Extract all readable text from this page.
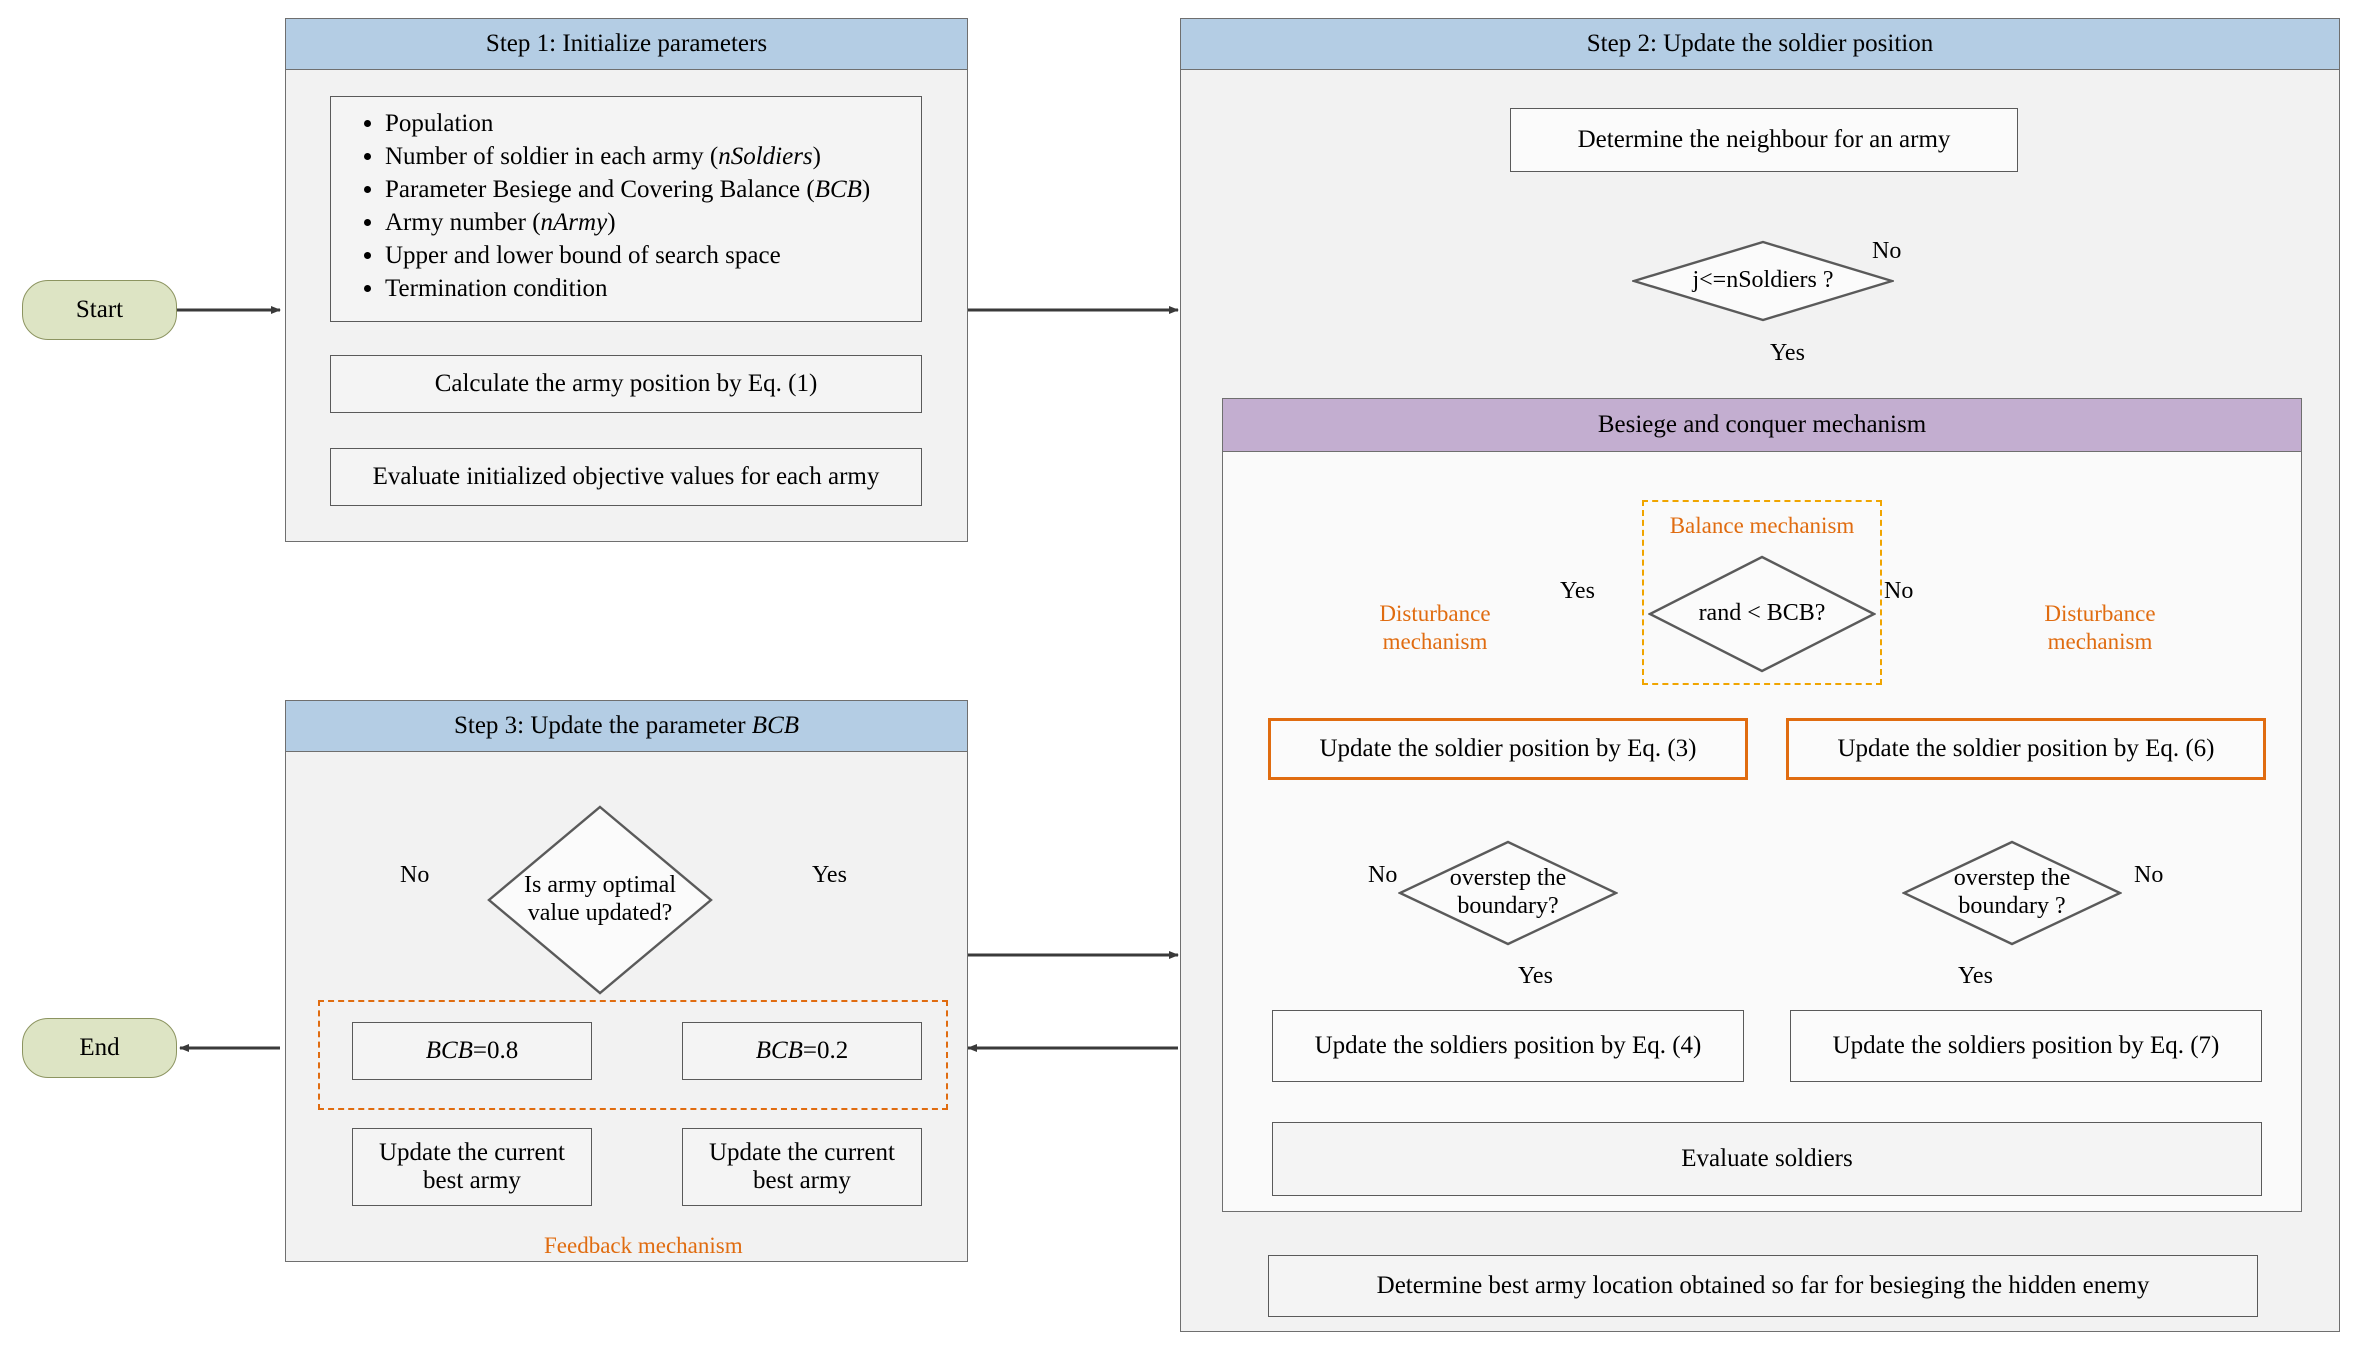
Start
End
Step 1: Initialize parameters
• Population
• Number of soldier in each army (nSoldiers)
• Parameter Besiege and Covering Balance (BCB)
• Army number (nArmy)
• Upper and lower bound of search space
• Termination condition
Calculate the army position by Eq. (1)
Evaluate initialized objective values for each army
Step 3: Update the parameter BCB
Is army optimal
value updated?
No	Yes
BCB=0.8	BCB=0.2
Update the current
best army
Update the current
best army
Feedback mechanism
Step 2: Update the soldier position
Determine the neighbour for an army
j<=nSoldiers ?
No
Yes
Besiege and conquer mechanism
Balance mechanism
rand < BCB?
Yes	No
Disturbance
mechanism
Disturbance
mechanism
Update the soldier position by Eq. (3)	Update the soldier position by Eq. (6)
overstep the
boundary?
No
Yes
overstep the
boundary ?
No
Yes
Update the soldiers position by Eq. (4)	Update the soldiers position by Eq. (7)
Evaluate soldiers
Determine best army location obtained so far for besieging the hidden enemy
